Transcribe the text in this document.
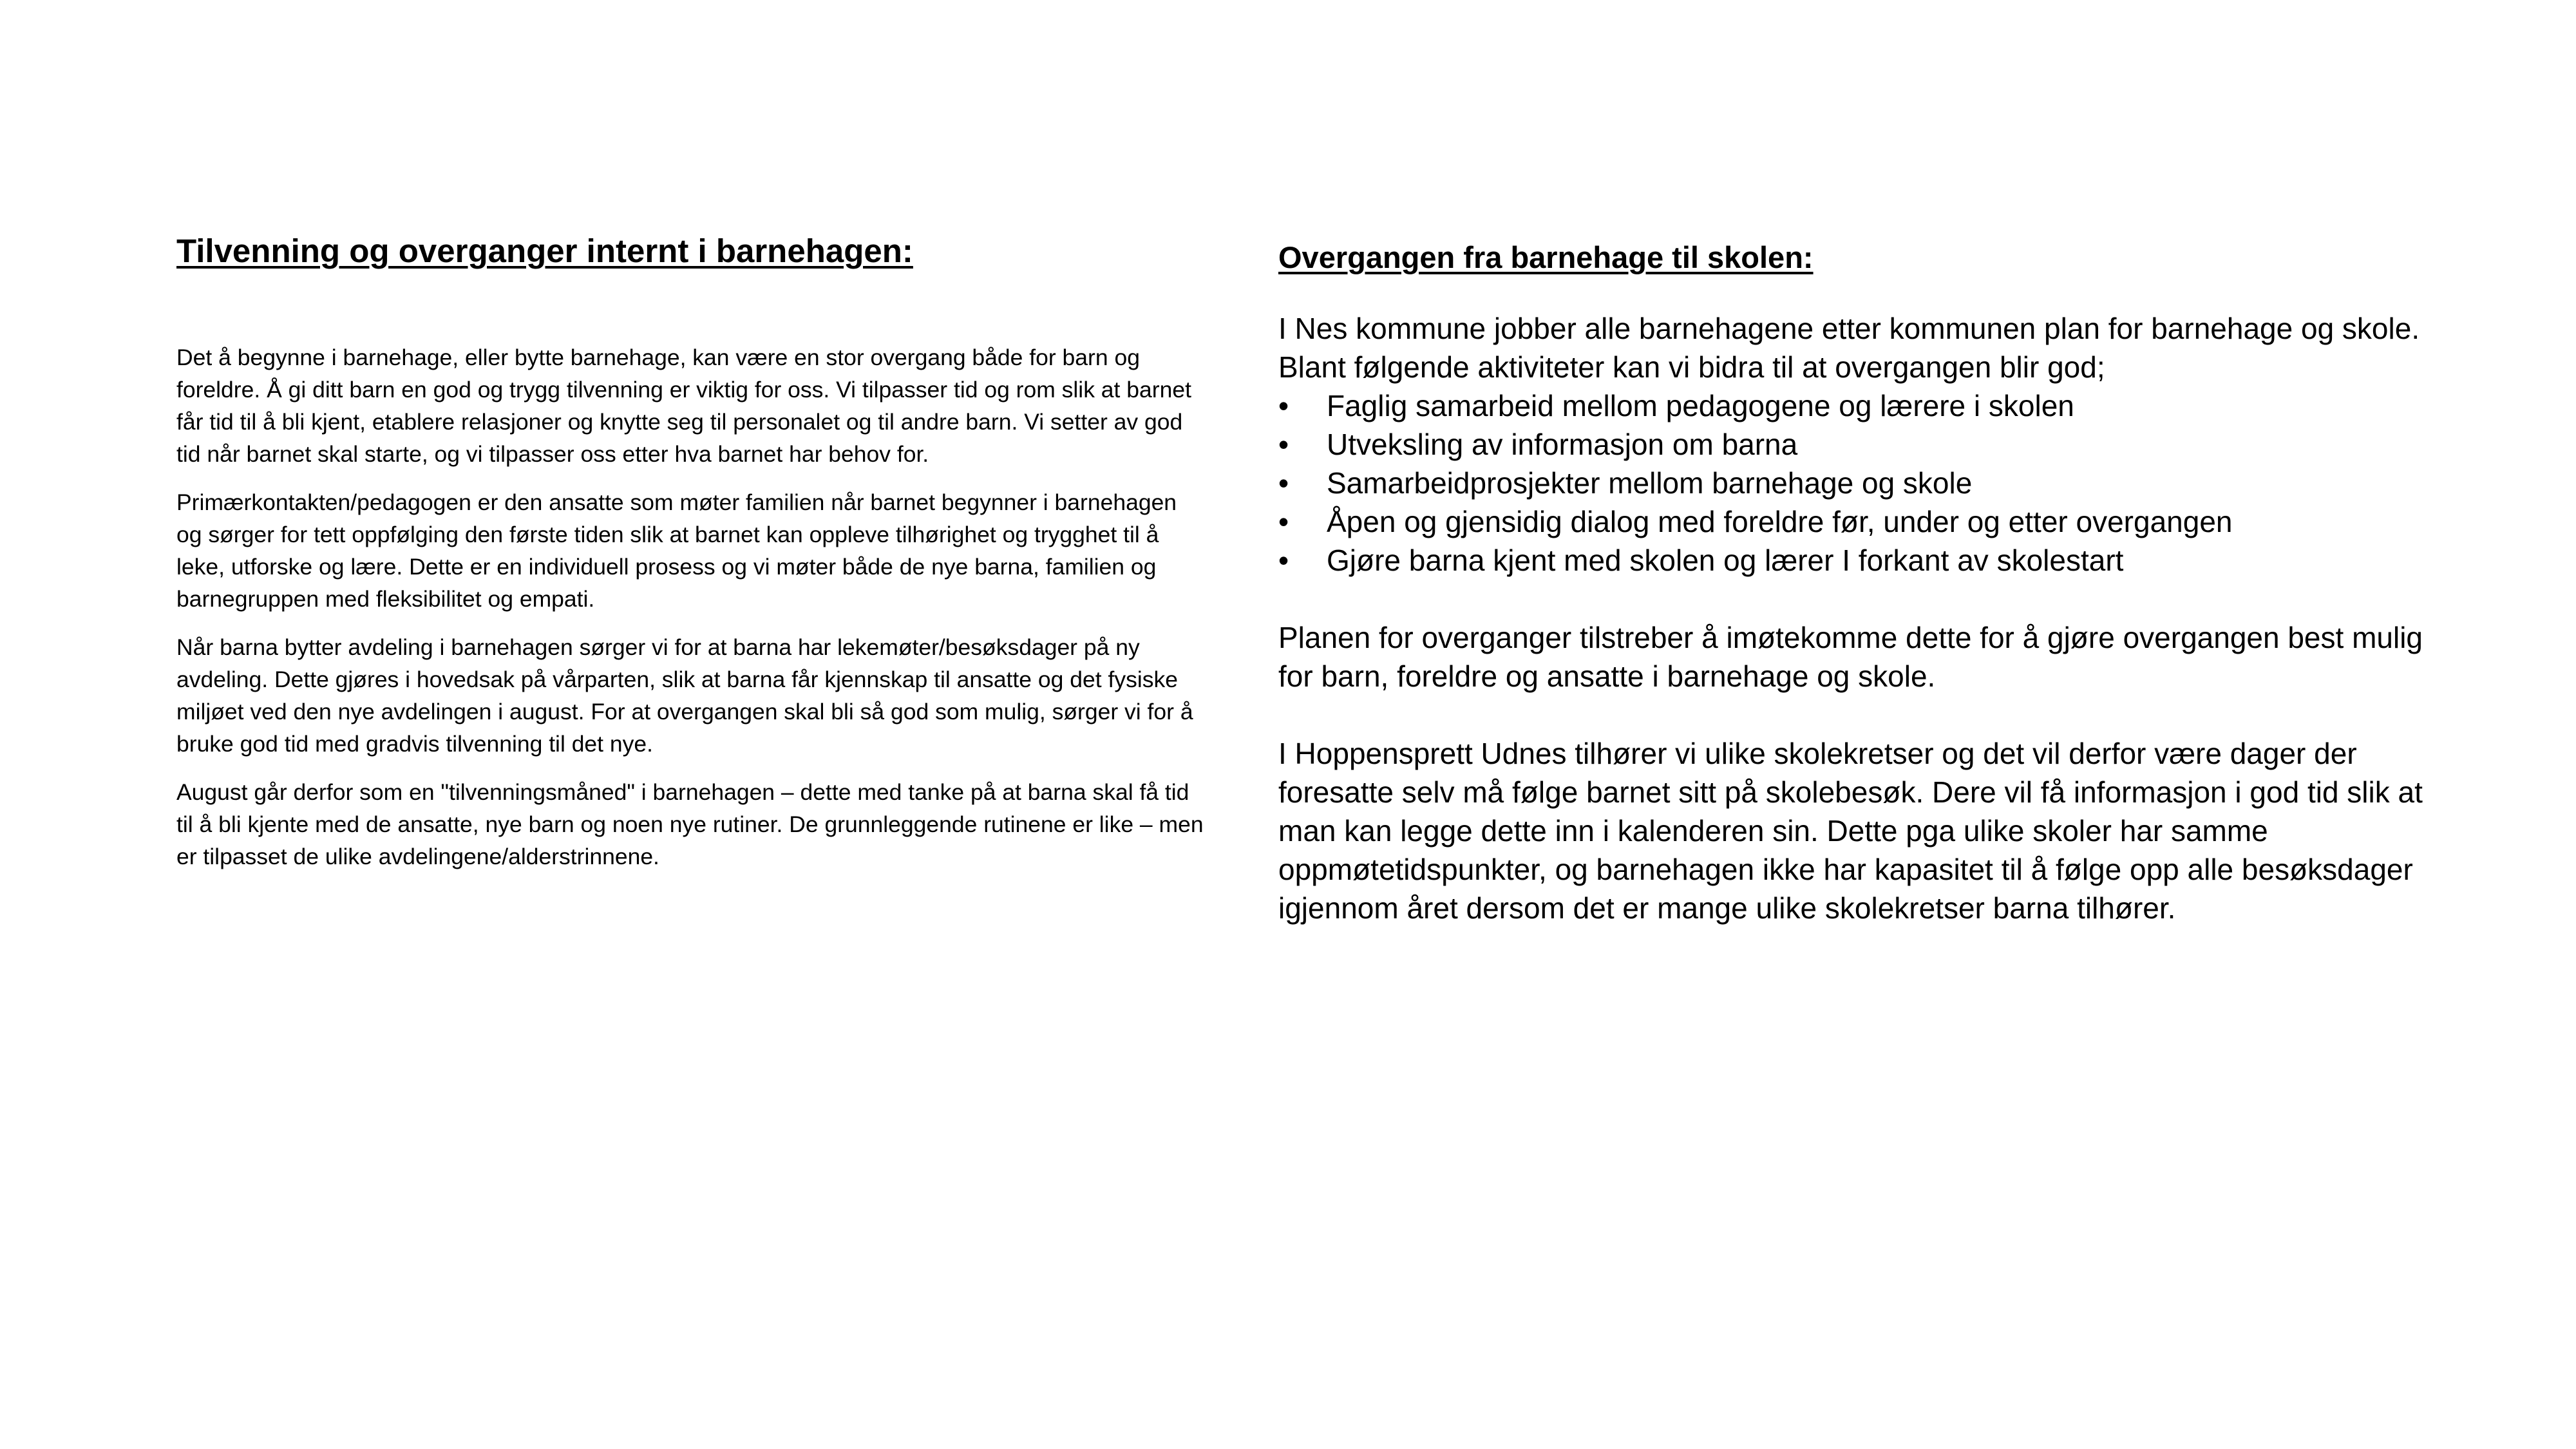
Tilvenning og overganger internt i barnehagen:

Det å begynne i barnehage, eller bytte barnehage, kan være en stor overgang både for barn og foreldre. Å gi ditt barn en god og trygg tilvenning er viktig for oss. Vi tilpasser tid og rom slik at barnet får tid til å bli kjent, etablere relasjoner og knytte seg til personalet og til andre barn. Vi setter av god tid når barnet skal starte, og vi tilpasser oss etter hva barnet har behov for.

Primærkontakten/pedagogen er den ansatte som møter familien når barnet begynner i barnehagen og sørger for tett oppfølging den første tiden slik at barnet kan oppleve tilhørighet og trygghet til å leke, utforske og lære. Dette er en individuell prosess og vi møter både de nye barna, familien og barnegruppen med fleksibilitet og empati.

Når barna bytter avdeling i barnehagen sørger vi for at barna har lekemøter/besøksdager på ny avdeling. Dette gjøres i hovedsak på vårparten, slik at barna får kjennskap til ansatte og det fysiske miljøet ved den nye avdelingen i august. For at overgangen skal bli så god som mulig, sørger vi for å bruke god tid med gradvis tilvenning til det nye.

August går derfor som en "tilvenningsmåned" i barnehagen – dette med tanke på at barna skal få tid til å bli kjente med de ansatte, nye barn og noen nye rutiner. De grunnleggende rutinene er like – men er tilpasset de ulike avdelingene/alderstrinnene.

Overgangen fra barnehage til skolen:

I Nes kommune jobber alle barnehagene etter kommunen plan for barnehage og skole. Blant følgende aktiviteter kan vi bidra til at overgangen blir god;

• Faglig samarbeid mellom pedagogene og lærere i skolen
• Utveksling av informasjon om barna
• Samarbeidprosjekter mellom barnehage og skole
• Åpen og gjensidig dialog med foreldre før, under og etter overgangen
• Gjøre barna kjent med skolen og lærer I forkant av skolestart

Planen for overganger tilstreber å imøtekomme dette for å gjøre overgangen best mulig for barn, foreldre og ansatte i barnehage og skole.

I Hoppensprett Udnes tilhører vi ulike skolekretser og det vil derfor være dager der foresatte selv må følge barnet sitt på skolebesøk. Dere vil få informasjon i god tid slik at man kan legge dette inn i kalenderen sin. Dette pga ulike skoler har samme oppmøtetidspunkter, og barnehagen ikke har kapasitet til å følge opp alle besøksdager igjennom året dersom det er mange ulike skolekretser barna tilhører.
